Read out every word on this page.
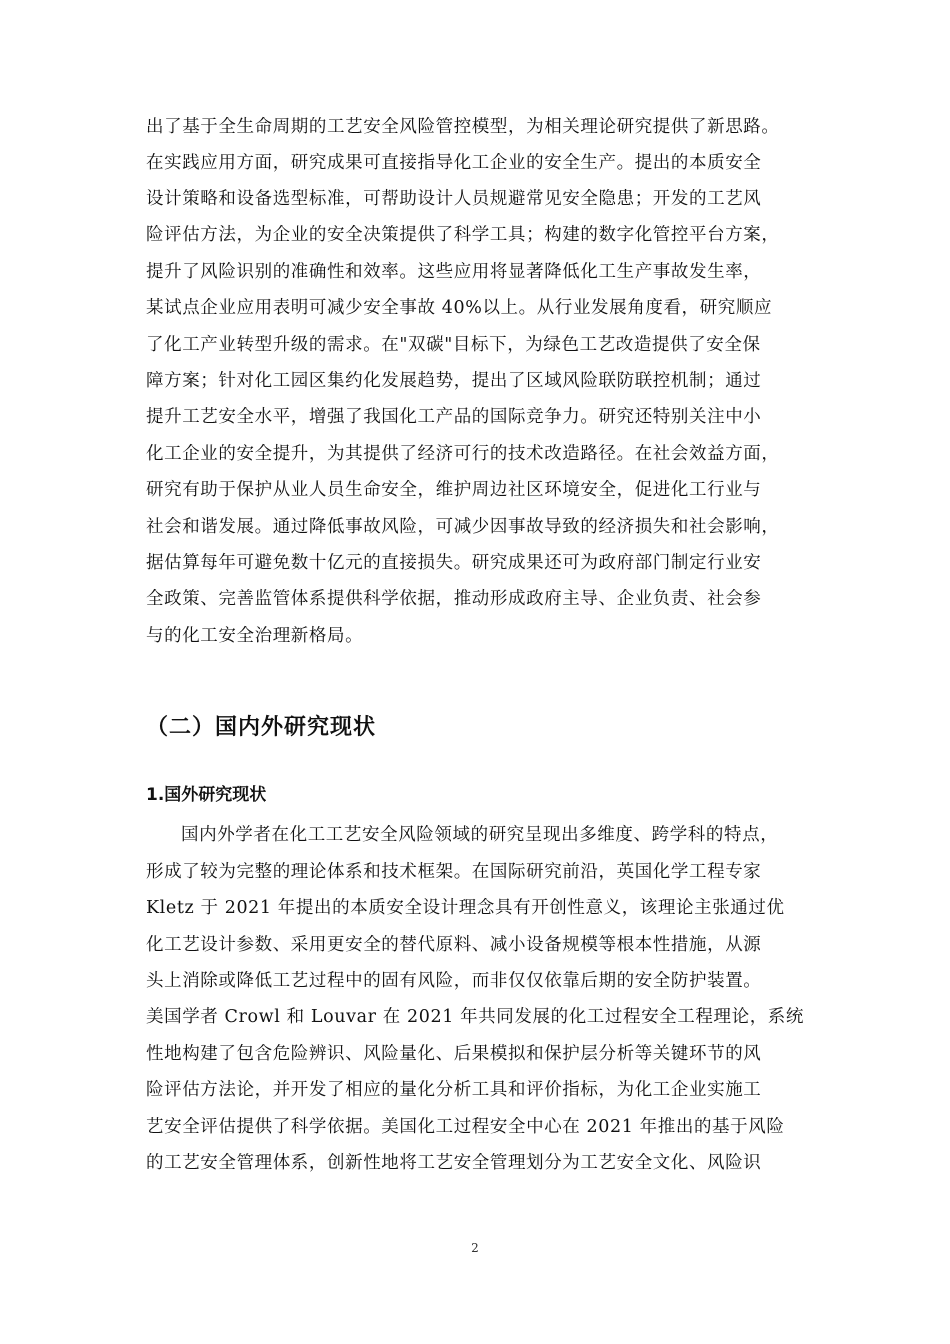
出了基于全生命周期的工艺安全风险管控模型，为相关理论研究提供了新思路。
在实践应用方面，研究成果可直接指导化工企业的安全生产。提出的本质安全
设计策略和设备选型标准，可帮助设计人员规避常见安全隐患；开发的工艺风
险评估方法，为企业的安全决策提供了科学工具；构建的数字化管控平台方案，
提升了风险识别的准确性和效率。这些应用将显著降低化工生产事故发生率，
某试点企业应用表明可减少安全事故 40%以上。从行业发展角度看，研究顺应
了化工产业转型升级的需求。在"双碳"目标下，为绿色工艺改造提供了安全保
障方案；针对化工园区集约化发展趋势，提出了区域风险联防联控机制；通过
提升工艺安全水平，增强了我国化工产品的国际竞争力。研究还特别关注中小
化工企业的安全提升，为其提供了经济可行的技术改造路径。在社会效益方面，
研究有助于保护从业人员生命安全，维护周边社区环境安全，促进化工行业与
社会和谐发展。通过降低事故风险，可减少因事故导致的经济损失和社会影响，
据估算每年可避免数十亿元的直接损失。研究成果还可为政府部门制定行业安
全政策、完善监管体系提供科学依据，推动形成政府主导、企业负责、社会参
与的化工安全治理新格局。
（二）国内外研究现状
1.国外研究现状
国内外学者在化工工艺安全风险领域的研究呈现出多维度、跨学科的特点，
形成了较为完整的理论体系和技术框架。在国际研究前沿，英国化学工程专家
Kletz 于 2021 年提出的本质安全设计理念具有开创性意义，该理论主张通过优
化工艺设计参数、采用更安全的替代原料、减小设备规模等根本性措施，从源
头上消除或降低工艺过程中的固有风险，而非仅仅依靠后期的安全防护装置。
美国学者 Crowl 和 Louvar 在 2021 年共同发展的化工过程安全工程理论，系统
性地构建了包含危险辨识、风险量化、后果模拟和保护层分析等关键环节的风
险评估方法论，并开发了相应的量化分析工具和评价指标，为化工企业实施工
艺安全评估提供了科学依据。美国化工过程安全中心在 2021 年推出的基于风险
的工艺安全管理体系，创新性地将工艺安全管理划分为工艺安全文化、风险识
2
